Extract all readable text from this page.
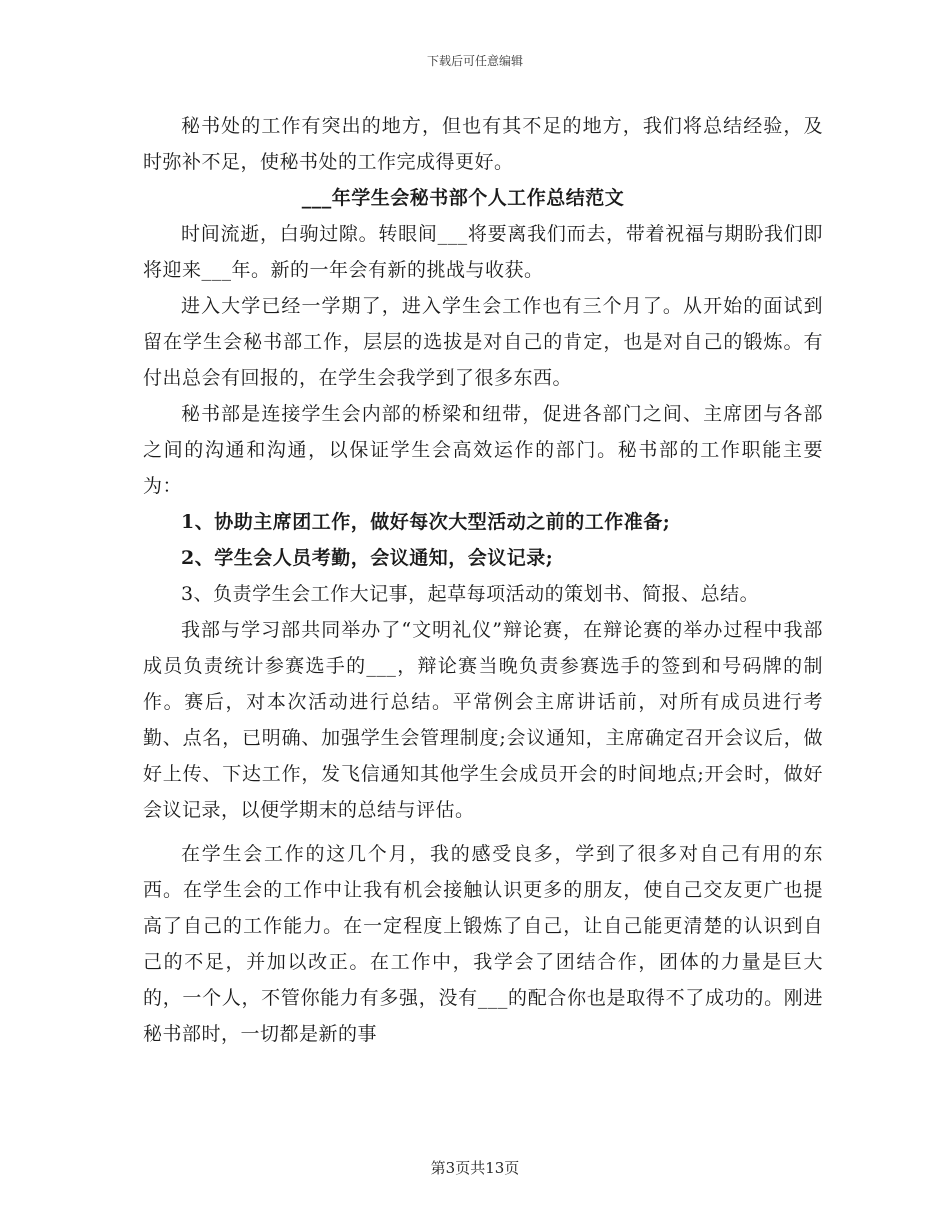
下载后可任意编辑

秘书处的工作有突出的地方，但也有其不足的地方，我们将总结经验，及时弥补不足，使秘书处的工作完成得更好。

___年学生会秘书部个人工作总结范文

时间流逝，白驹过隙。转眼间___将要离我们而去，带着祝福与期盼我们即将迎来___年。新的一年会有新的挑战与收获。

进入大学已经一学期了，进入学生会工作也有三个月了。从开始的面试到留在学生会秘书部工作，层层的选拔是对自己的肯定，也是对自己的锻炼。有付出总会有回报的，在学生会我学到了很多东西。

秘书部是连接学生会内部的桥梁和纽带，促进各部门之间、主席团与各部之间的沟通和沟通，以保证学生会高效运作的部门。秘书部的工作职能主要为：

1、协助主席团工作，做好每次大型活动之前的工作准备;

2、学生会人员考勤，会议通知，会议记录;

3、负责学生会工作大记事，起草每项活动的策划书、简报、总结。

我部与学习部共同举办了“文明礼仪”辩论赛，在辩论赛的举办过程中我部成员负责统计参赛选手的___，辩论赛当晚负责参赛选手的签到和号码牌的制作。赛后，对本次活动进行总结。平常例会主席讲话前，对所有成员进行考勤、点名，已明确、加强学生会管理制度;会议通知，主席确定召开会议后，做好上传、下达工作，发飞信通知其他学生会成员开会的时间地点;开会时，做好会议记录，以便学期末的总结与评估。

在学生会工作的这几个月，我的感受良多，学到了很多对自己有用的东西。在学生会的工作中让我有机会接触认识更多的朋友，使自己交友更广也提高了自己的工作能力。在一定程度上锻炼了自己，让自己能更清楚的认识到自己的不足，并加以改正。在工作中，我学会了团结合作，团体的力量是巨大的，一个人，不管你能力有多强，没有___的配合你也是取得不了成功的。刚进秘书部时，一切都是新的事

第3页共13页
